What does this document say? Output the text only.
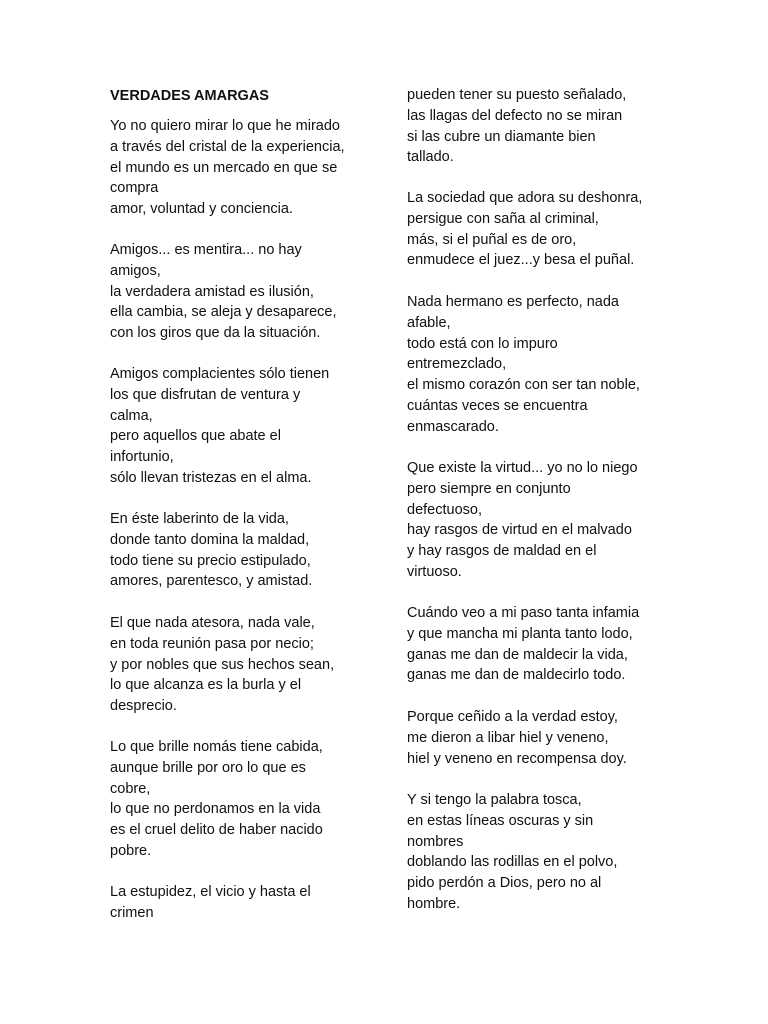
VERDADES AMARGAS

Yo no quiero mirar lo que he mirado
a través del cristal de la experiencia,
el mundo es un mercado en que se
compra
amor, voluntad y conciencia.

Amigos... es mentira... no hay
amigos,
la verdadera amistad es ilusión,
ella cambia, se aleja y desaparece,
con los giros que da la situación.

Amigos complacientes sólo tienen
los que disfrutan de ventura y
calma,
pero aquellos que abate el
infortunio,
sólo llevan tristezas en el alma.

En éste laberinto de la vida,
donde tanto domina la maldad,
todo tiene su precio estipulado,
amores, parentesco, y amistad.

El que nada atesora, nada vale,
en toda reunión pasa por necio;
y por nobles que sus hechos sean,
lo que alcanza es la burla y el
desprecio.

Lo que brille nomás tiene cabida,
aunque brille por oro lo que es
cobre,
lo que no perdonamos en la vida
es el cruel delito de haber nacido
pobre.

La estupidez, el vicio y hasta el
crimen

pueden tener su puesto señalado,
las llagas del defecto no se miran
si las cubre un diamante bien
tallado.

La sociedad que adora su deshonra,
persigue con saña al criminal,
más, si el puñal es de oro,
enmudece el juez...y besa el puñal.

Nada hermano es perfecto, nada
afable,
todo está con lo impuro
entremezclado,
el mismo corazón con ser tan noble,
cuántas veces se encuentra
enmascarado.

Que existe la virtud... yo no lo niego
pero siempre en conjunto
defectuoso,
hay rasgos de virtud en el malvado
y hay rasgos de maldad en el
virtuoso.

Cuándo veo a mi paso tanta infamia
y que mancha mi planta tanto lodo,
ganas me dan de maldecir la vida,
ganas me dan de maldecirlo todo.

Porque ceñido a la verdad estoy,
me dieron a libar hiel y veneno,
hiel y veneno en recompensa doy.

Y si tengo la palabra tosca,
en estas líneas oscuras y sin
nombres
doblando las rodillas en el polvo,
pido perdón a Dios, pero no al
hombre.
